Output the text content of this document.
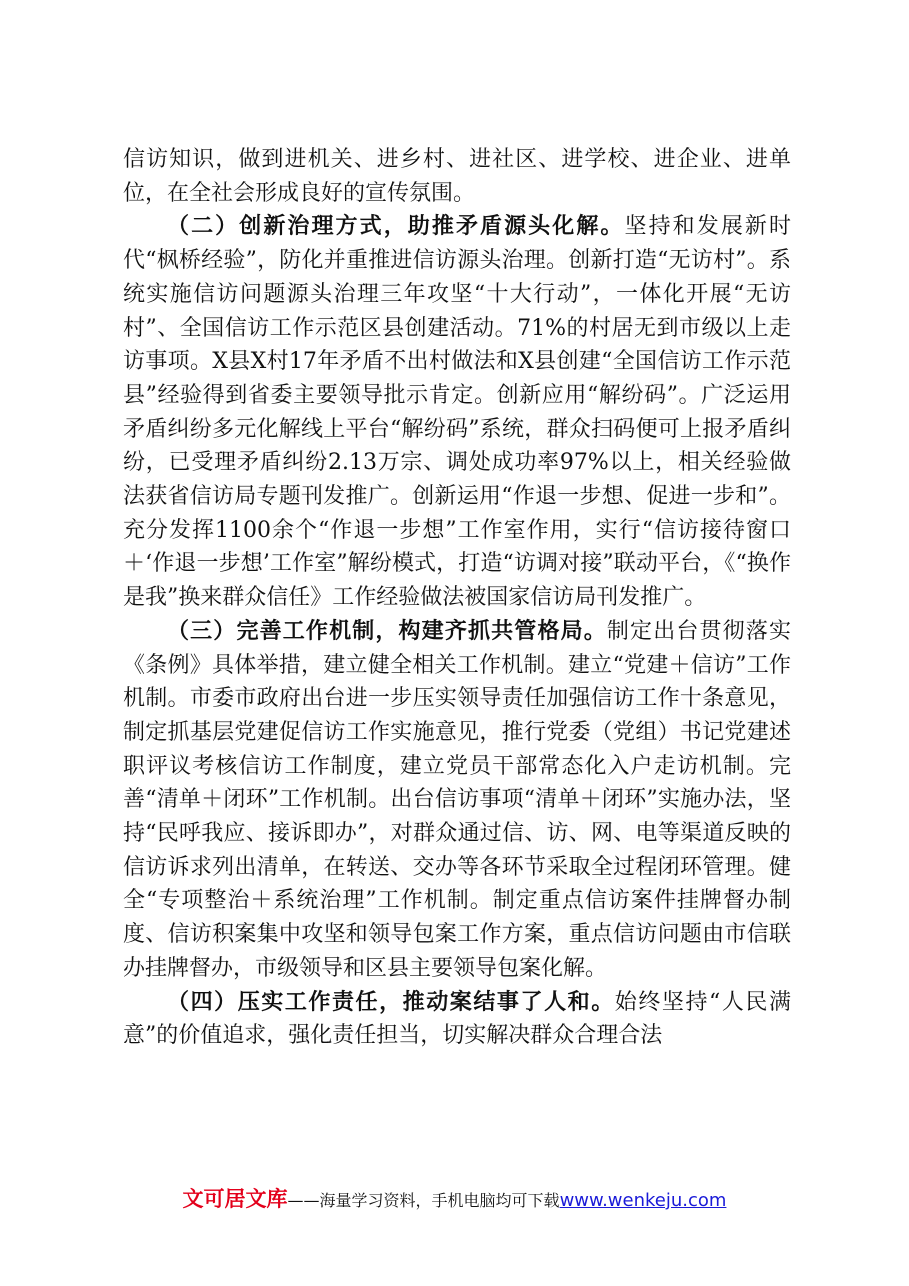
信访知识，做到进机关、进乡村、进社区、进学校、进企业、进单位，在全社会形成良好的宣传氛围。

（二）创新治理方式，助推矛盾源头化解。坚持和发展新时代“枫桥经验”，防化并重推进信访源头治理。创新打造“无访村”。系统实施信访问题源头治理三年攻坚“十大行动”，一体化开展“无访村”、全国信访工作示范区县创建活动。71%的村居无到市级以上走访事项。X县X村17年矛盾不出村做法和X县创建“全国信访工作示范县”经验得到省委主要领导批示肯定。创新应用“解纷码”。广泛运用矛盾纠纷多元化解线上平台“解纷码”系统，群众扫码便可上报矛盾纠纷，已受理矛盾纠纷2.13万宗、调处成功率97%以上，相关经验做法获省信访局专题刊发推广。创新运用“作退一步想、促进一步和”。充分发挥1100余个“作退一步想”工作室作用，实行“信访接待窗口＋‘作退一步想’工作室”解纷模式，打造“访调对接”联动平台，《“换作是我”换来群众信任》工作经验做法被国家信访局刊发推广。

（三）完善工作机制，构建齐抓共管格局。制定出台贯彻落实《条例》具体举措，建立健全相关工作机制。建立“党建＋信访”工作机制。市委市政府出台进一步压实领导责任加强信访工作十条意见，制定抓基层党建促信访工作实施意见，推行党委（党组）书记党建述职评议考核信访工作制度，建立党员干部常态化入户走访机制。完善“清单＋闭环”工作机制。出台信访事项“清单＋闭环”实施办法，坚持“民呼我应、接诉即办”，对群众通过信、访、网、电等渠道反映的信访诉求列出清单，在转送、交办等各环节采取全过程闭环管理。健全“专项整治＋系统治理”工作机制。制定重点信访案件挂牌督办制度、信访积案集中攻坚和领导包案工作方案，重点信访问题由市信联办挂牌督办，市级领导和区县主要领导包案化解。

（四）压实工作责任，推动案结事了人和。始终坚持“人民满意”的价值追求，强化责任担当，切实解决群众合理合法

文可居文库——海量学习资料，手机电脑均可下载www.wenkeju.com
